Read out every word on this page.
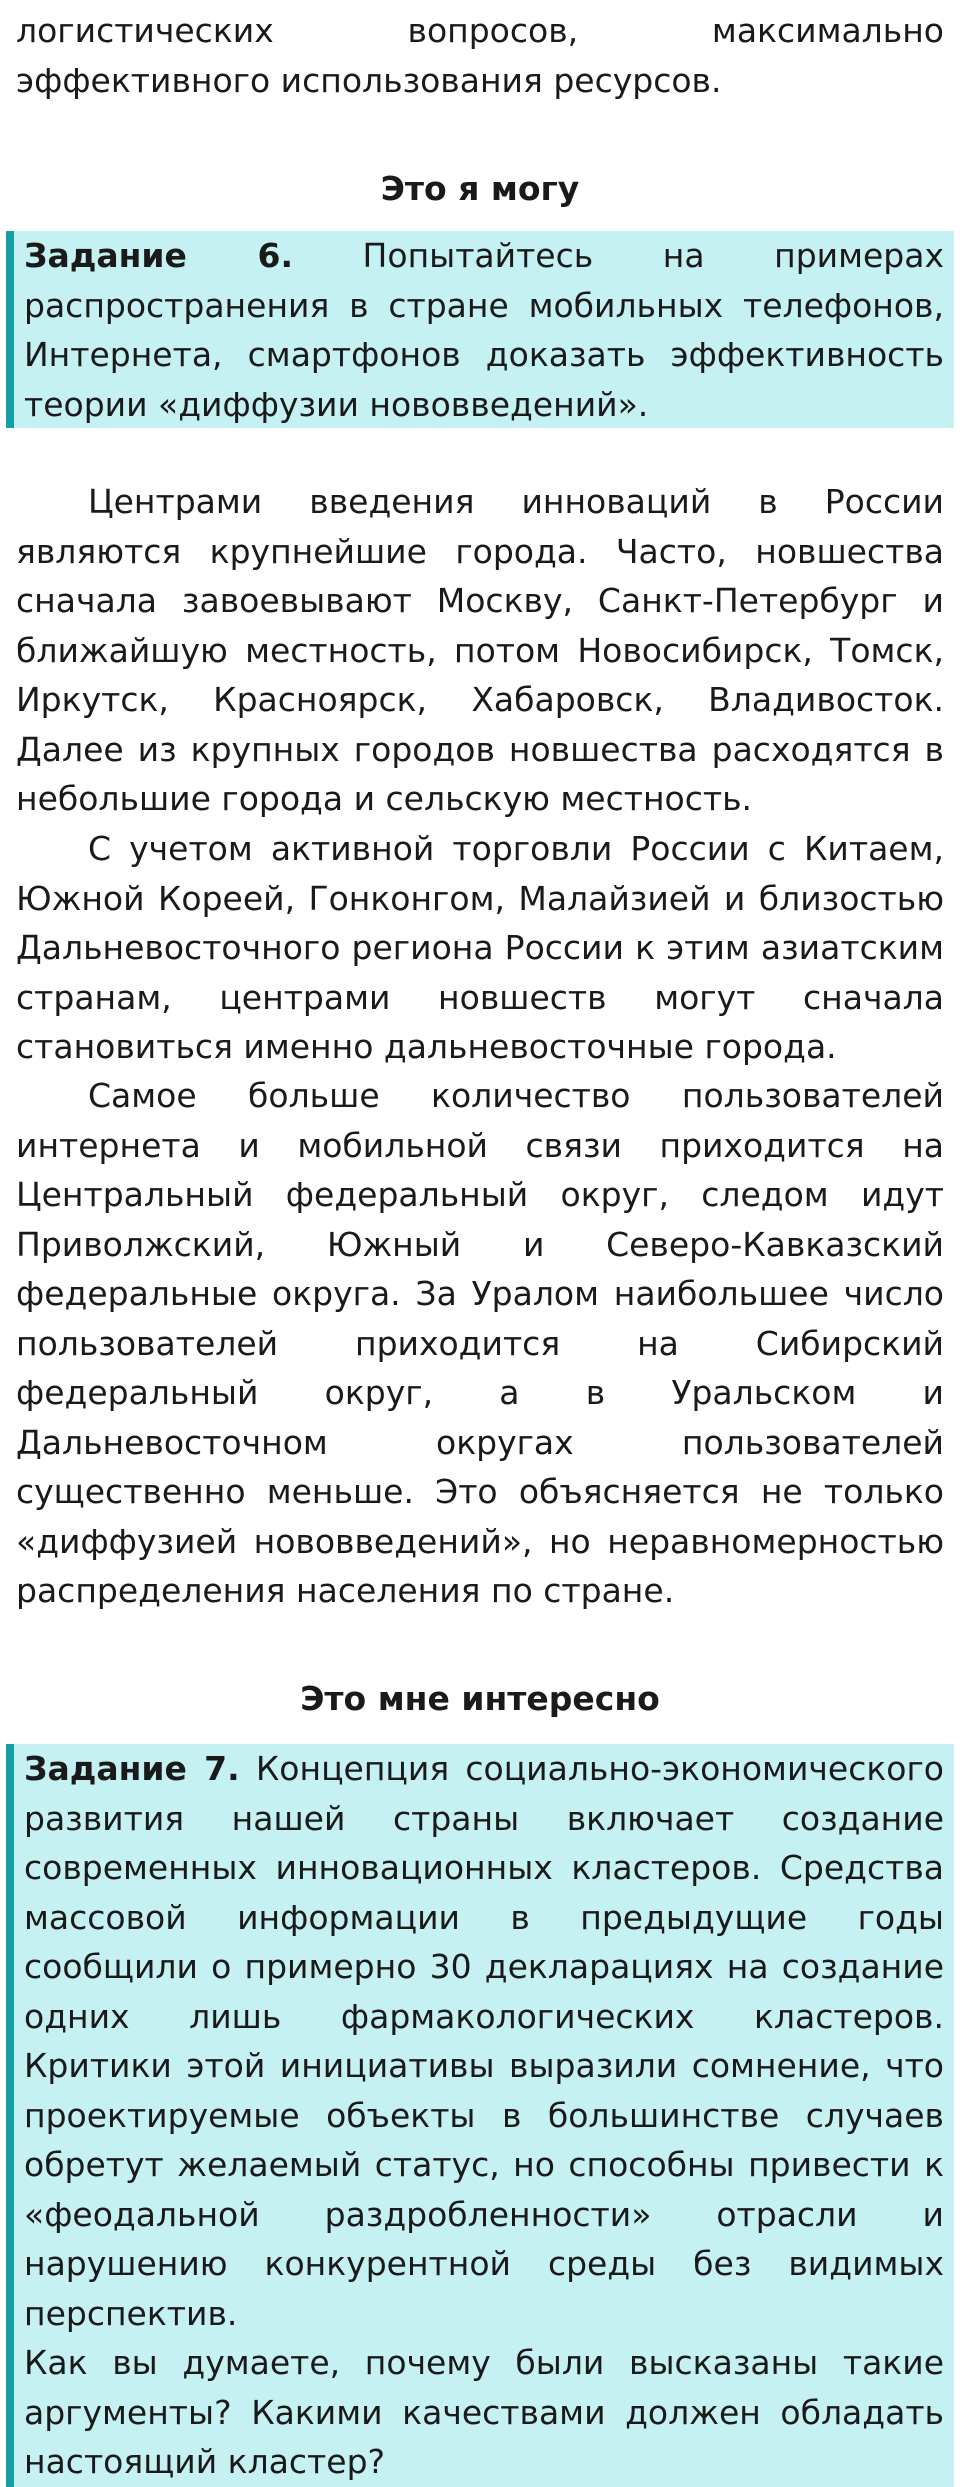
логистических вопросов, максимально эффективного использования ресурсов.

Это я могу

Задание 6. Попытайтесь на примерах распространения в стране мобильных телефонов, Интернета, смартфонов доказать эффективность теории «диффузии нововведений».

Центрами введения инноваций в России являются крупнейшие города. Часто, новшества сначала завоевывают Москву, Санкт-Петербург и ближайшую местность, потом Новосибирск, Томск, Иркутск, Красноярск, Хабаровск, Владивосток. Далее из крупных городов новшества расходятся в небольшие города и сельскую местность.

С учетом активной торговли России с Китаем, Южной Кореей, Гонконгом, Малайзией и близостью Дальневосточного региона России к этим азиатским странам, центрами новшеств могут сначала становиться именно дальневосточные города.

Самое больше количество пользователей интернета и мобильной связи приходится на Центральный федеральный округ, следом идут Приволжский, Южный и Северо-Кавказский федеральные округа. За Уралом наибольшее число пользователей приходится на Сибирский федеральный округ, а в Уральском и Дальневосточном округах пользователей существенно меньше. Это объясняется не только «диффузией нововведений», но неравномерностью распределения населения по стране.

Это мне интересно

Задание 7. Концепция социально-экономического развития нашей страны включает создание современных инновационных кластеров. Средства массовой информации в предыдущие годы сообщили о примерно 30 декларациях на создание одних лишь фармакологических кластеров. Критики этой инициативы выразили сомнение, что проектируемые объекты в большинстве случаев обретут желаемый статус, но способны привести к «феодальной раздробленности» отрасли и нарушению конкурентной среды без видимых перспектив.

Как вы думаете, почему были высказаны такие аргументы? Какими качествами должен обладать настоящий кластер?
